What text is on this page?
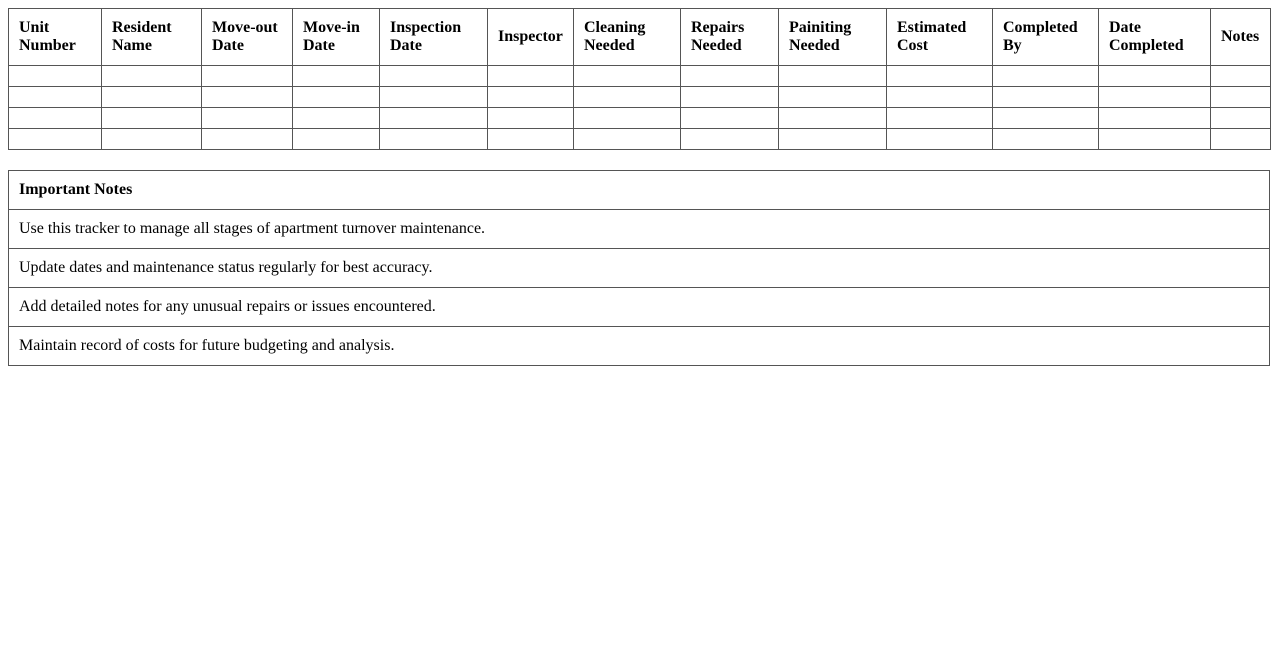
Unit Number	Resident Name	Move-out Date	Move-in Date	Inspection Date	Inspector	Cleaning Needed	Repairs Needed	Painiting Needed	Estimated Cost	Completed By	Date Completed	Notes

Important Notes
Use this tracker to manage all stages of apartment turnover maintenance.
Update dates and maintenance status regularly for best accuracy.
Add detailed notes for any unusual repairs or issues encountered.
Maintain record of costs for future budgeting and analysis.
